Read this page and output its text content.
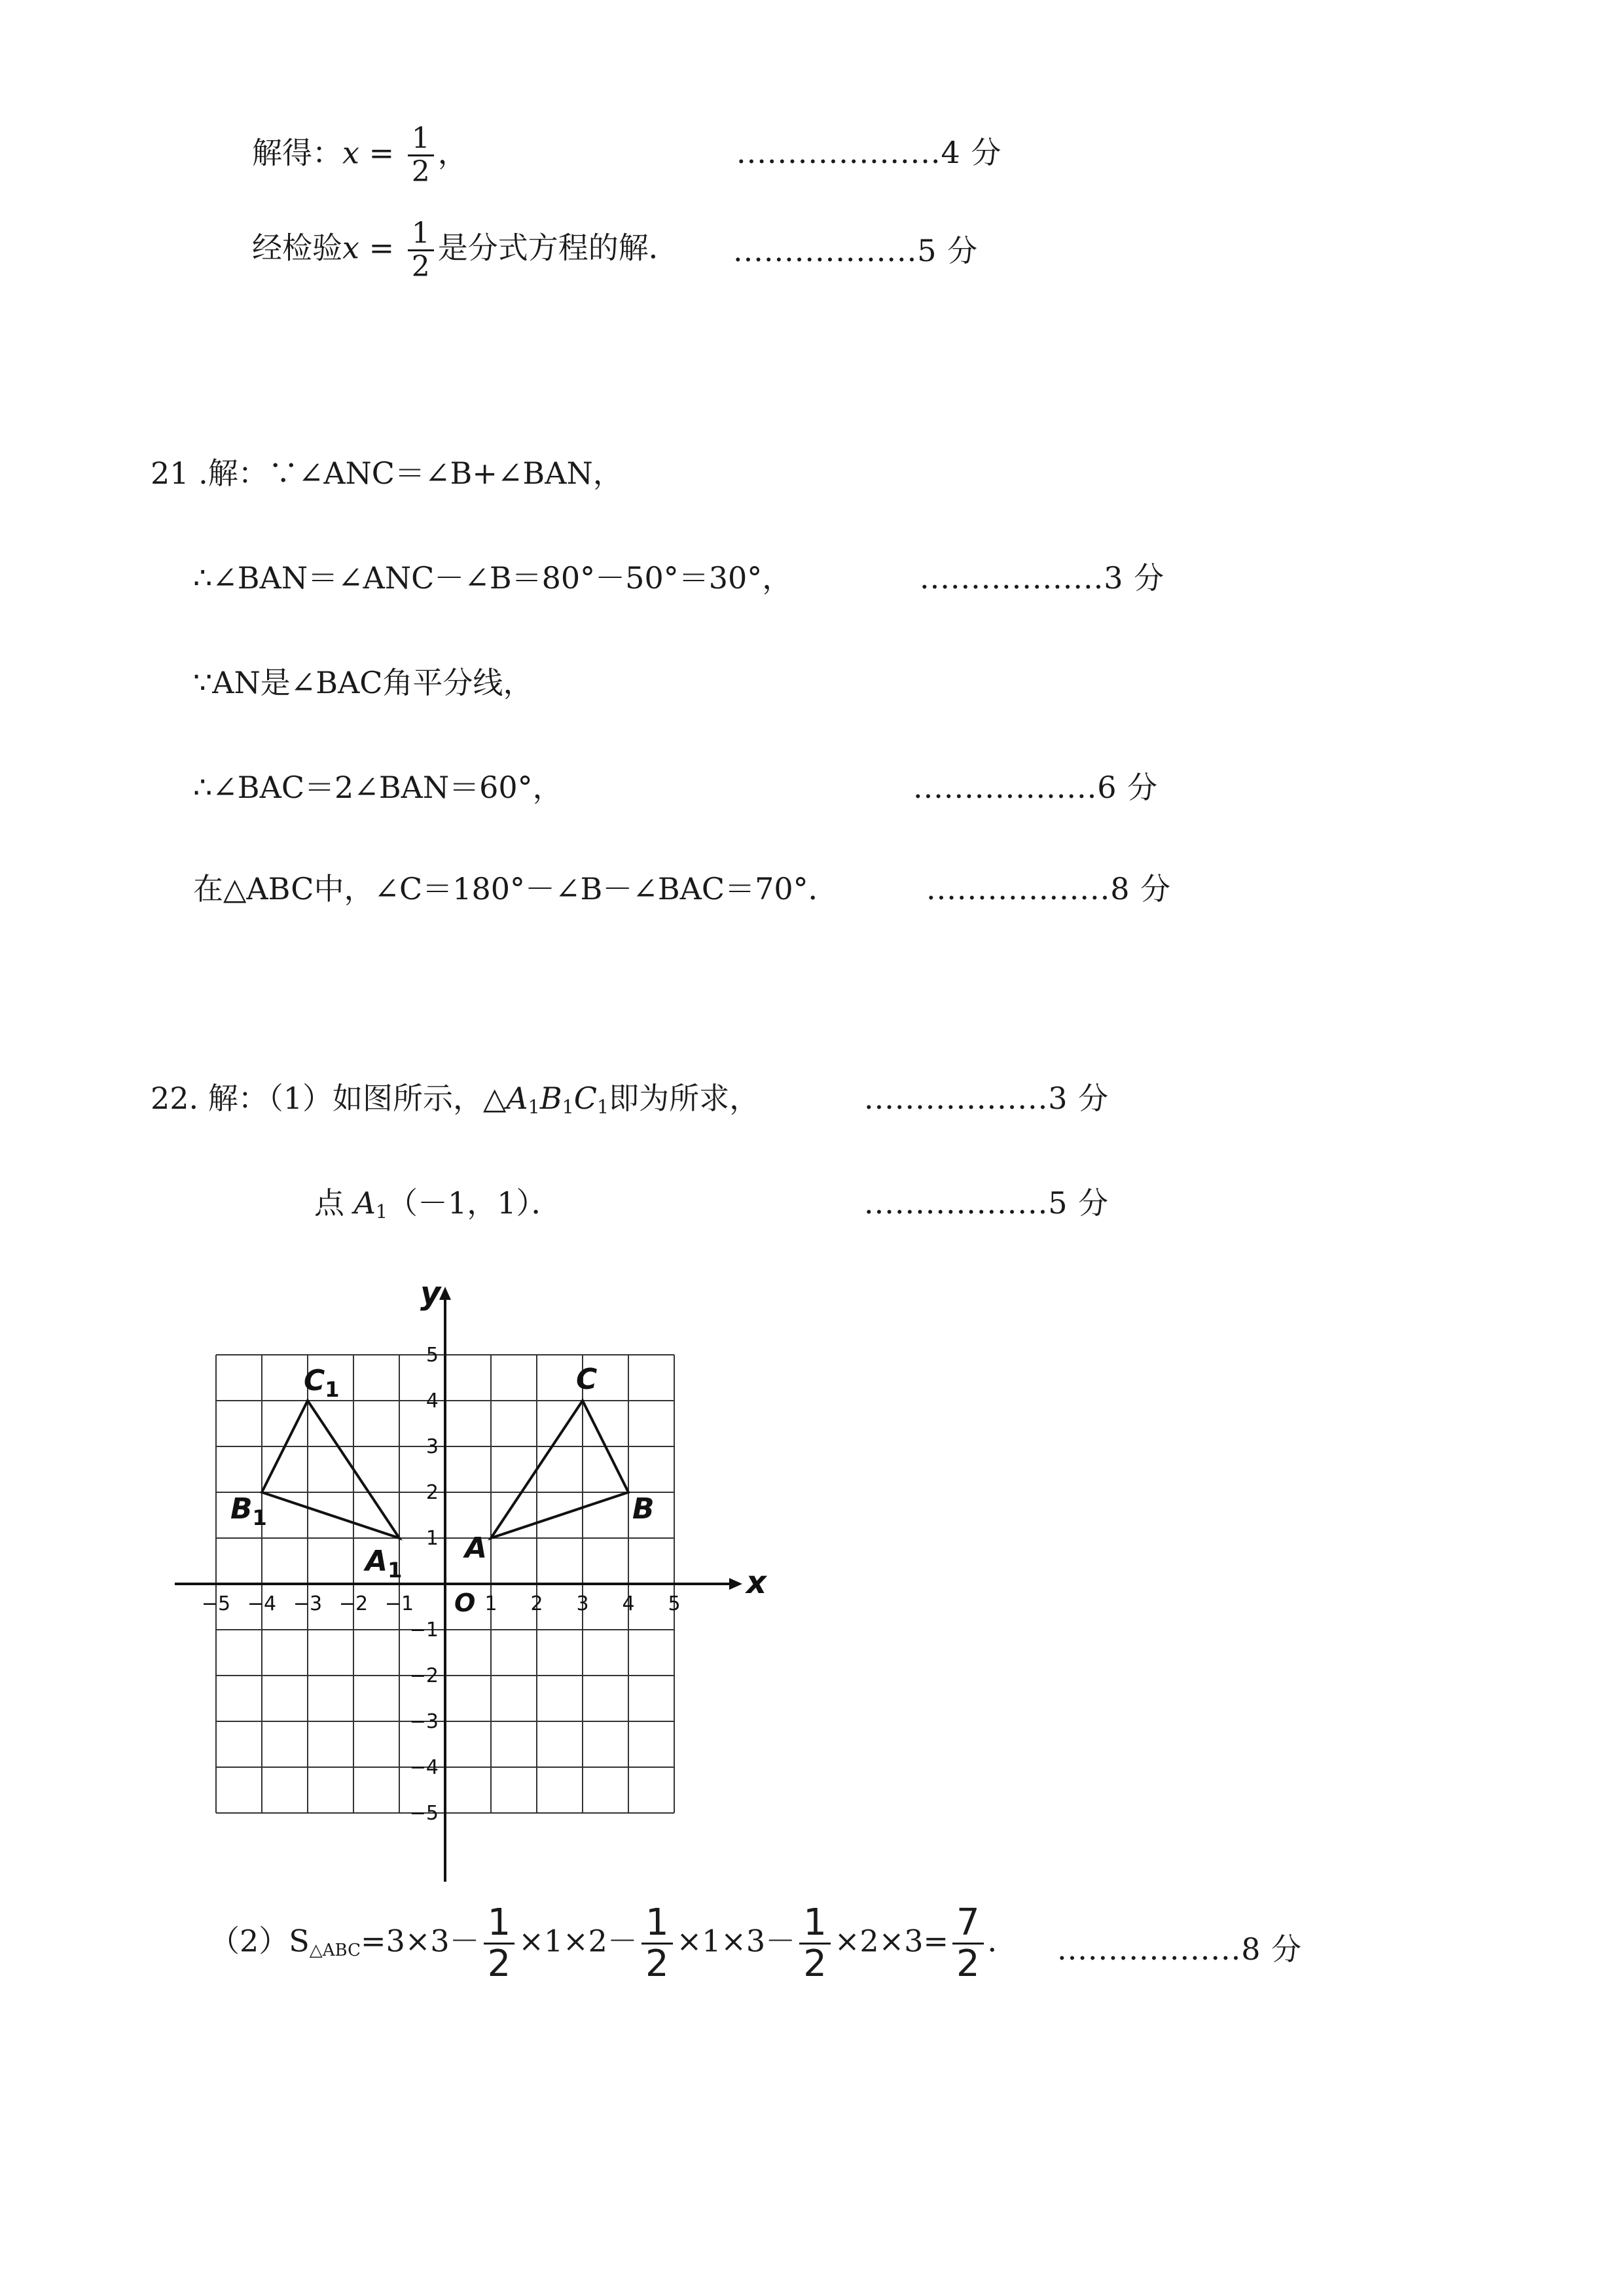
解得：$x = \frac{1}{2}$ ，	....................4 分
经检验$x = \frac{1}{2}$ 是分式方程的解． ..................5 分
21 .解：∵∠ANC＝∠B+∠BAN，
∴∠BAN＝∠ANC－∠B＝80°－50°＝30°，	..................3 分
∵AN是∠BAC角平分线，
∴∠BAC＝2∠BAN＝60°，	..................6 分
在△ABC中，∠C＝180°－∠B－∠BAC＝70°．	..................8 分
22. 解：（1）如图所示，$\triangle A_1B_1C_1$即为所求，	..................3 分
点 $A_1(-1$，1）．	..................5 分
−5 −4 −3 −2 −1	1 2 3 4 5
5
4
3
2
1
−1
−2
−3
−4
−5
O
x
y
A
B
C
$A_1$
$B_1$
$C_1$
$(2)S_{\triangle ABC}=3\times 3- \frac{1}{2} \times 1\times 2- \frac{1}{2} \times 1\times 3- \frac{1}{2} \times 2\times 3= \frac{7}{2}$ ． ..................8 分
